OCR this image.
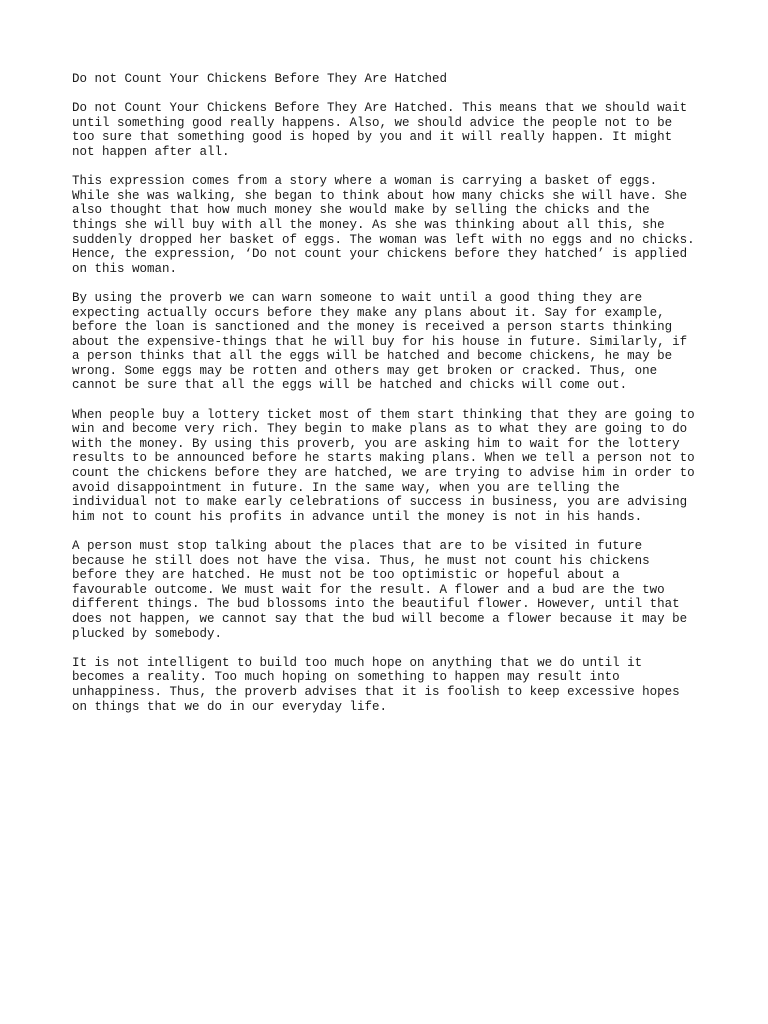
Do not Count Your Chickens Before They Are Hatched
Do not Count Your Chickens Before They Are Hatched. This means that we should wait
until something good really happens. Also, we should advice the people not to be
too sure that something good is hoped by you and it will really happen. It might
not happen after all.
This expression comes from a story where a woman is carrying a basket of eggs.
While she was walking, she began to think about how many chicks she will have. She
also thought that how much money she would make by selling the chicks and the
things she will buy with all the money. As she was thinking about all this, she
suddenly dropped her basket of eggs. The woman was left with no eggs and no chicks.
Hence, the expression, ‘Do not count your chickens before they hatched’ is applied
on this woman.
By using the proverb we can warn someone to wait until a good thing they are
expecting actually occurs before they make any plans about it. Say for example,
before the loan is sanctioned and the money is received a person starts thinking
about the expensive-things that he will buy for his house in future. Similarly, if
a person thinks that all the eggs will be hatched and become chickens, he may be
wrong. Some eggs may be rotten and others may get broken or cracked. Thus, one
cannot be sure that all the eggs will be hatched and chicks will come out.
When people buy a lottery ticket most of them start thinking that they are going to
win and become very rich. They begin to make plans as to what they are going to do
with the money. By using this proverb, you are asking him to wait for the lottery
results to be announced before he starts making plans. When we tell a person not to
count the chickens before they are hatched, we are trying to advise him in order to
avoid disappointment in future. In the same way, when you are telling the
individual not to make early celebrations of success in business, you are advising
him not to count his profits in advance until the money is not in his hands.
A person must stop talking about the places that are to be visited in future
because he still does not have the visa. Thus, he must not count his chickens
before they are hatched. He must not be too optimistic or hopeful about a
favourable outcome. We must wait for the result. A flower and a bud are the two
different things. The bud blossoms into the beautiful flower. However, until that
does not happen, we cannot say that the bud will become a flower because it may be
plucked by somebody.
It is not intelligent to build too much hope on anything that we do until it
becomes a reality. Too much hoping on something to happen may result into
unhappiness. Thus, the proverb advises that it is foolish to keep excessive hopes
on things that we do in our everyday life.
